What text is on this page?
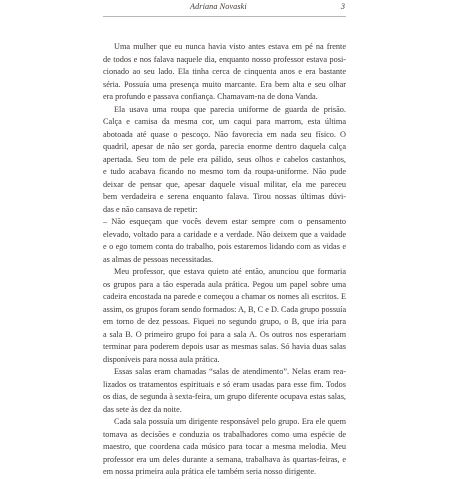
Adriana Novaski	3
Uma mulher que eu nunca havia visto antes estava em pé na frente
de todos e nos falava naquele dia, enquanto nosso professor estava posi-
cionado ao seu lado. Ela tinha cerca de cinquenta anos e era bastante
séria. Possuía uma presença muito marcante. Era bem alta e seu olhar
era profundo e passava confiança. Chamavam-na de dona Vanda.
Ela usava uma roupa que parecia uniforme de guarda de prisão.
Calça e camisa da mesma cor, um caqui para marrom, esta última
abotoada até quase o pescoço. Não favorecia em nada seu físico. O
quadril, apesar de não ser gorda, parecia enorme dentro daquela calça
apertada. Seu tom de pele era pálido, seus olhos e cabelos castanhos,
e tudo acabava ficando no mesmo tom da roupa-uniforme. Não pude
deixar de pensar que, apesar daquele visual militar, ela me pareceu
bem verdadeira e serena enquanto falava. Tirou nossas últimas dúvi-
das e não cansava de repetir:
– Não esqueçam que vocês devem estar sempre com o pensamento
elevado, voltado para a caridade e a verdade. Não deixem que a vaidade
e o ego tomem conta do trabalho, pois estaremos lidando com as vidas e
as almas de pessoas necessitadas.
Meu professor, que estava quieto até então, anunciou que formaria
os grupos para a tão esperada aula prática. Pegou um papel sobre uma
cadeira encostada na parede e começou a chamar os nomes ali escritos. E
assim, os grupos foram sendo formados: A, B, C e D. Cada grupo possuía
em torno de dez pessoas. Fiquei no segundo grupo, o B, que iria para
a sala B. O primeiro grupo foi para a sala A. Os outros nos esperariam
terminar para poderem depois usar as mesmas salas. Só havia duas salas
disponíveis para nossa aula prática.
Essas salas eram chamadas “salas de atendimento”. Nelas eram rea-
lizados os tratamentos espirituais e só eram usadas para esse fim. Todos
os dias, de segunda à sexta-feira, um grupo diferente ocupava estas salas,
das sete às dez da noite.
Cada sala possuía um dirigente responsável pelo grupo. Era ele quem
tomava as decisões e conduzia os trabalhadores como uma espécie de
maestro, que coordena cada músico para tocar a mesma melodia. Meu
professor era um deles durante a semana, trabalhava às quartas-feiras, e
em nossa primeira aula prática ele também seria nosso dirigente.
